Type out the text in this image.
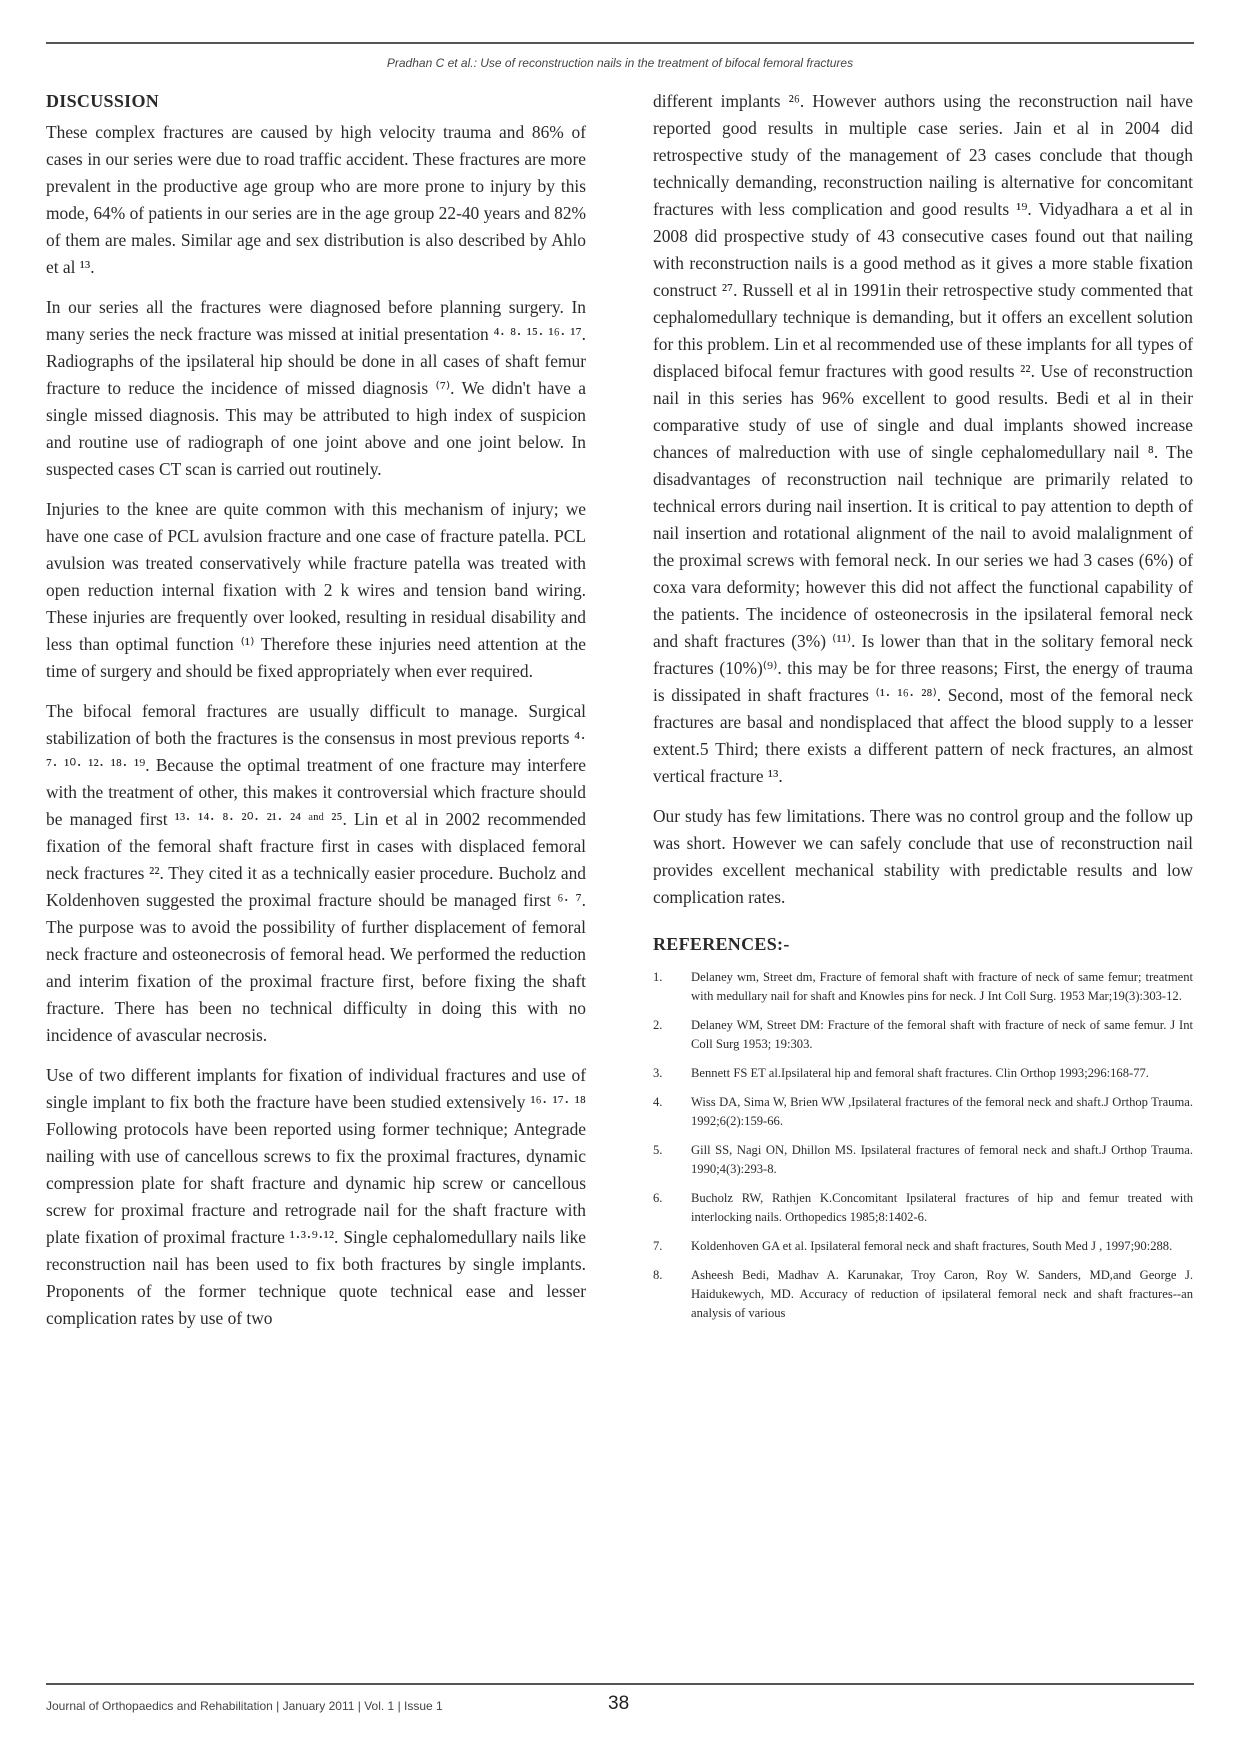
Pradhan C et al.: Use of reconstruction nails in the treatment of bifocal femoral fractures
DISCUSSION

These complex fractures are caused by high velocity trauma and 86% of cases in our series were due to road traffic accident. These fractures are more prevalent in the productive age group who are more prone to injury by this mode, 64% of patients in our series are in the age group 22-40 years and 82% of them are males. Similar age and sex distribution is also described by Ahlo et al ¹³.

In our series all the fractures were diagnosed before planning surgery. In many series the neck fracture was missed at initial presentation ⁴· ⁸· ¹⁵· ¹⁶· ¹⁷. Radiographs of the ipsilateral hip should be done in all cases of shaft femur fracture to reduce the incidence of missed diagnosis ⁽⁷⁾. We didn't have a single missed diagnosis. This may be attributed to high index of suspicion and routine use of radiograph of one joint above and one joint below. In suspected cases CT scan is carried out routinely.

Injuries to the knee are quite common with this mechanism of injury; we have one case of PCL avulsion fracture and one case of fracture patella. PCL avulsion was treated conservatively while fracture patella was treated with open reduction internal fixation with 2 k wires and tension band wiring. These injuries are frequently over looked, resulting in residual disability and less than optimal function ⁽¹⁾ Therefore these injuries need attention at the time of surgery and should be fixed appropriately when ever required.

The bifocal femoral fractures are usually difficult to manage. Surgical stabilization of both the fractures is the consensus in most previous reports ⁴· ⁷· ¹⁰· ¹²· ¹⁸· ¹⁹. Because the optimal treatment of one fracture may interfere with the treatment of other, this makes it controversial which fracture should be managed first ¹³· ¹⁴· ⁸· ²⁰· ²¹· ²⁴ ᵃⁿᵈ ²⁵. Lin et al in 2002 recommended fixation of the femoral shaft fracture first in cases with displaced femoral neck fractures ²². They cited it as a technically easier procedure. Bucholz and Koldenhoven suggested the proximal fracture should be managed first ⁶· ⁷. The purpose was to avoid the possibility of further displacement of femoral neck fracture and osteonecrosis of femoral head. We performed the reduction and interim fixation of the proximal fracture first, before fixing the shaft fracture. There has been no technical difficulty in doing this with no incidence of avascular necrosis.

Use of two different implants for fixation of individual fractures and use of single implant to fix both the fracture have been studied extensively ¹⁶· ¹⁷· ¹⁸ Following protocols have been reported using former technique; Antegrade nailing with use of cancellous screws to fix the proximal fractures, dynamic compression plate for shaft fracture and dynamic hip screw or cancellous screw for proximal fracture and retrograde nail for the shaft fracture with plate fixation of proximal fracture ¹·³·⁹·¹². Single cephalomedullary nails like reconstruction nail has been used to fix both fractures by single implants. Proponents of the former technique quote technical ease and lesser complication rates by use of two

different implants ²⁶. However authors using the reconstruction nail have reported good results in multiple case series. Jain et al in 2004 did retrospective study of the management of 23 cases conclude that though technically demanding, reconstruction nailing is alternative for concomitant fractures with less complication and good results ¹⁹. Vidyadhara a et al in 2008 did prospective study of 43 consecutive cases found out that nailing with reconstruction nails is a good method as it gives a more stable fixation construct ²⁷. Russell et al in 1991in their retrospective study commented that cephalomedullary technique is demanding, but it offers an excellent solution for this problem. Lin et al recommended use of these implants for all types of displaced bifocal femur fractures with good results ²². Use of reconstruction nail in this series has 96% excellent to good results. Bedi et al in their comparative study of use of single and dual implants showed increase chances of malreduction with use of single cephalomedullary nail ⁸. The disadvantages of reconstruction nail technique are primarily related to technical errors during nail insertion. It is critical to pay attention to depth of nail insertion and rotational alignment of the nail to avoid malalignment of the proximal screws with femoral neck. In our series we had 3 cases (6%) of coxa vara deformity; however this did not affect the functional capability of the patients. The incidence of osteonecrosis in the ipsilateral femoral neck and shaft fractures (3%) ⁽¹¹⁾. Is lower than that in the solitary femoral neck fractures (10%)⁽⁹⁾. this may be for three reasons; First, the energy of trauma is dissipated in shaft fractures ⁽¹· ¹⁶· ²⁸⁾. Second, most of the femoral neck fractures are basal and nondisplaced that affect the blood supply to a lesser extent.5 Third; there exists a different pattern of neck fractures, an almost vertical fracture ¹³.

Our study has few limitations. There was no control group and the follow up was short. However we can safely conclude that use of reconstruction nail provides excellent mechanical stability with predictable results and low complication rates.

REFERENCES:-
1.	Delaney wm, Street dm, Fracture of femoral shaft with fracture of neck of same femur; treatment with medullary nail for shaft and Knowles pins for neck. J Int Coll Surg. 1953 Mar;19(3):303-12.
2.	Delaney WM, Street DM: Fracture of the femoral shaft with fracture of neck of same femur. J Int Coll Surg 1953; 19:303.
3.	Bennett FS ET al.Ipsilateral hip and femoral shaft fractures. Clin Orthop 1993;296:168-77.
4.	Wiss DA, Sima W, Brien WW ,Ipsilateral fractures of the femoral neck and shaft.J Orthop Trauma. 1992;6(2):159-66.
5.	Gill SS, Nagi ON, Dhillon MS. Ipsilateral fractures of femoral neck and shaft.J Orthop Trauma. 1990;4(3):293-8.
6.	Bucholz RW, Rathjen K.Concomitant Ipsilateral fractures of hip and femur treated with interlocking nails. Orthopedics 1985;8:1402-6.
7.	Koldenhoven GA et al. Ipsilateral femoral neck and shaft fractures, South Med J , 1997;90:288.
8.	Asheesh Bedi, Madhav A. Karunakar, Troy Caron, Roy W. Sanders, MD,and George J. Haidukewych, MD. Accuracy of reduction of ipsilateral femoral neck and shaft fractures--an analysis of various
Journal of Orthopaedics and Rehabilitation | January 2011 | Vol. 1 | Issue 1	38
